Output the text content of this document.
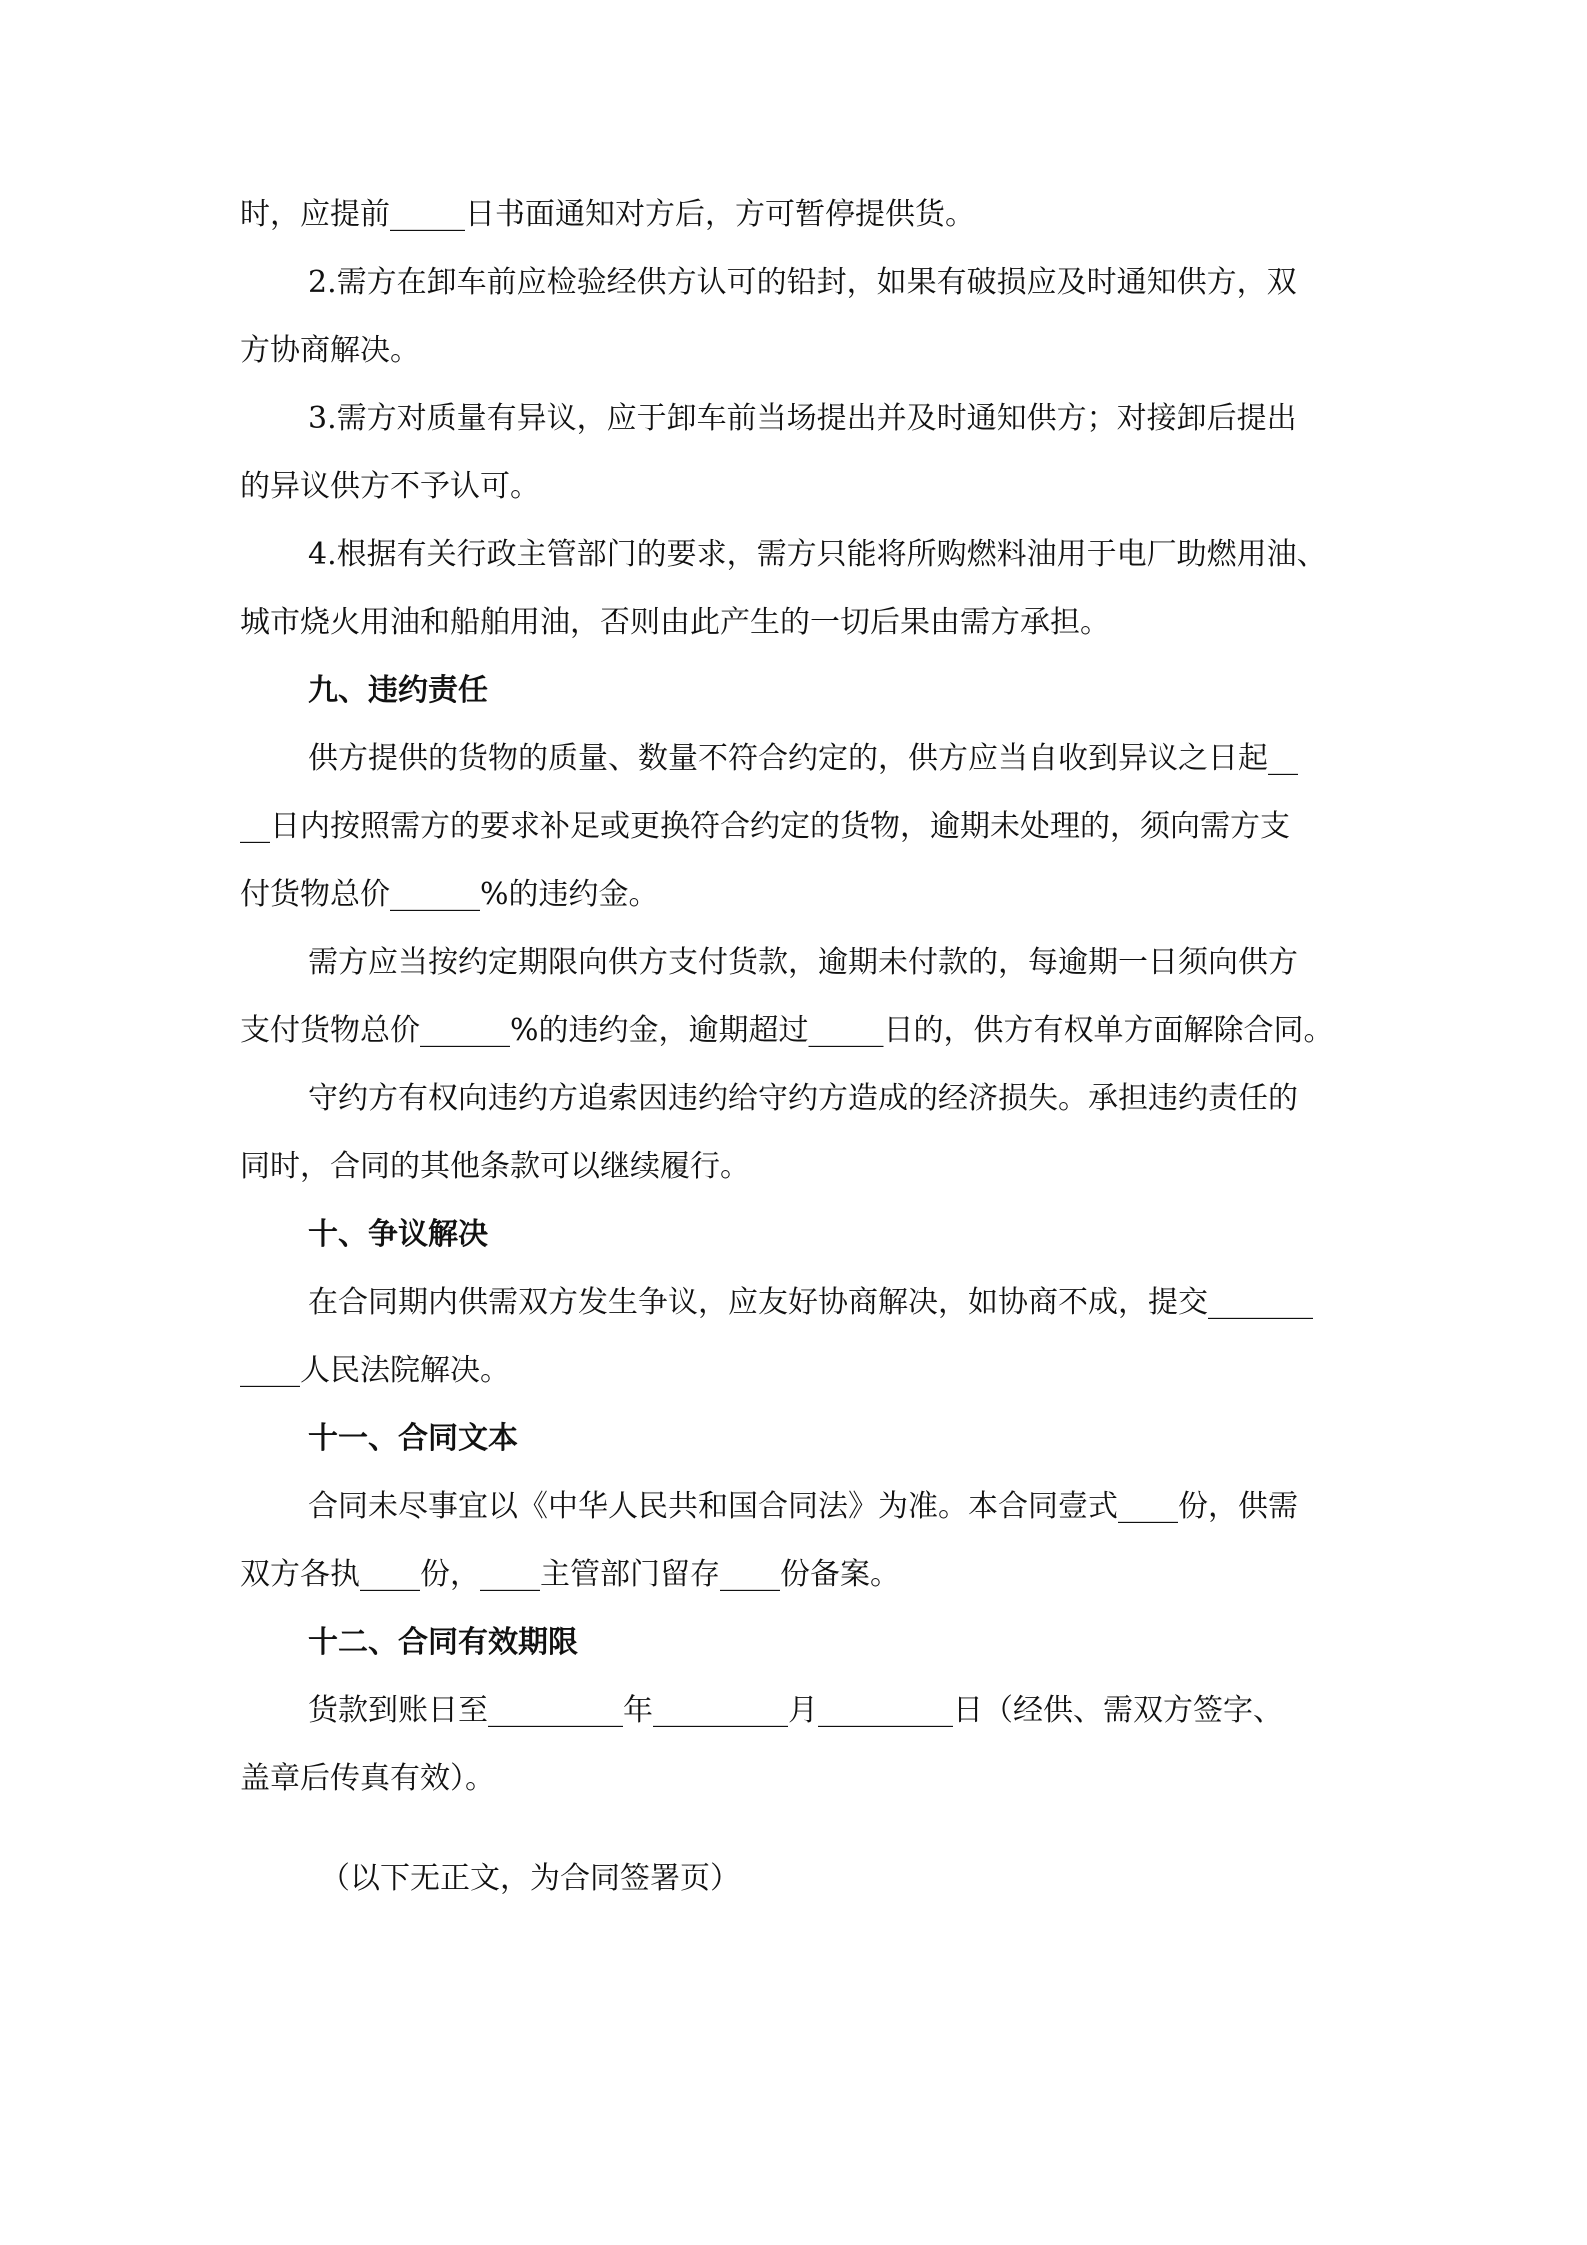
时，应提前_____日书面通知对方后，方可暂停提供货。

2.需方在卸车前应检验经供方认可的铅封，如果有破损应及时通知供方，双

方协商解决。

3.需方对质量有异议，应于卸车前当场提出并及时通知供方；对接卸后提出

的异议供方不予认可。

4.根据有关行政主管部门的要求，需方只能将所购燃料油用于电厂助燃用油、

城市烧火用油和船舶用油，否则由此产生的一切后果由需方承担。

九、违约责任

供方提供的货物的质量、数量不符合约定的，供方应当自收到异议之日起__

__日内按照需方的要求补足或更换符合约定的货物，逾期未处理的，须向需方支

付货物总价______%的违约金。

需方应当按约定期限向供方支付货款，逾期未付款的，每逾期一日须向供方

支付货物总价______%的违约金，逾期超过_____日的，供方有权单方面解除合同。

守约方有权向违约方追索因违约给守约方造成的经济损失。承担违约责任的

同时，合同的其他条款可以继续履行。

十、争议解决

在合同期内供需双方发生争议，应友好协商解决，如协商不成，提交_______

____人民法院解决。

十一、合同文本

合同未尽事宜以《中华人民共和国合同法》为准。本合同壹式____份，供需

双方各执____份，____主管部门留存____份备案。

十二、合同有效期限

货款到账日至_________年_________月_________日（经供、需双方签字、

盖章后传真有效）。

（以下无正文，为合同签署页）
